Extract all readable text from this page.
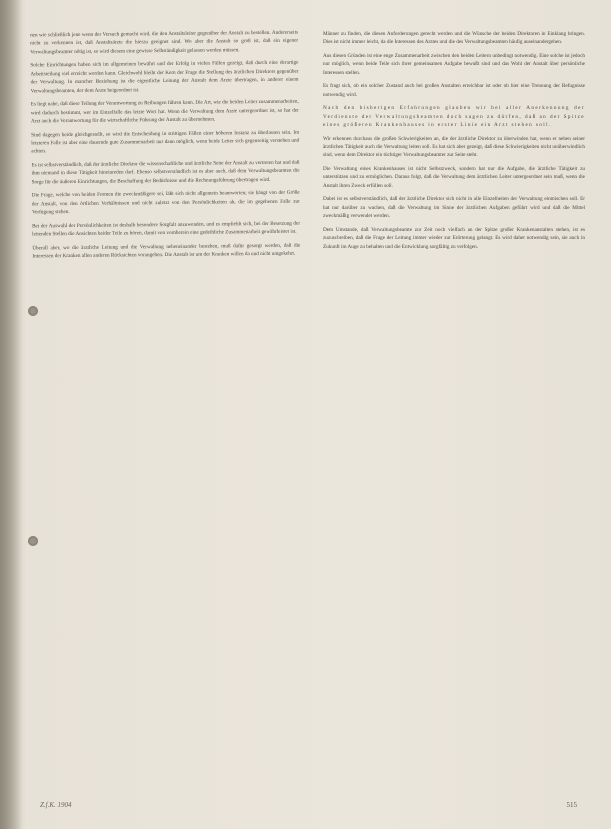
nen wie schließlich jene wenn der Versuch gemacht wird, die den Anstaltsleiter gegenüber der Anstalt zu bestellen. Andererseits nicht zu verkennen ist, daß Anstaltsärzte die hierzu geeignet sind. Wo aber die Anstalt so groß ist, daß ein eigener Verwaltungsbeamter nötig ist, so wird diesem eine gewisse Selbständigkeit gelassen werden müssen.

Solche Einrichtungen haben sich im allgemeinen bewährt und der Erfolg in vielen Fällen gezeigt, daß durch eine derartige Arbeitsteilung viel erreicht werden kann. Gleichwohl bleibt der Kern der Frage die Stellung des ärztlichen Direktors gegenüber der Verwaltung. In mancher Beziehung ist die eigentliche Leitung der Anstalt dem Arzte übertragen, in anderer einem Verwaltungsbeamten, der dem Arzte beigeordnet ist.

Es liegt nahe, daß diese Teilung der Verantwortung zu Reibungen führen kann. Die Art, wie die beiden Leiter zusammenarbeiten, wird dadurch bestimmt, wer im Einzelfalle das letzte Wort hat. Wenn die Verwaltung dem Arzte untergeordnet ist, so hat der Arzt auch die Verantwortung für die wirtschaftliche Führung der Anstalt zu übernehmen.

Sind dagegen beide gleichgestellt, so wird die Entscheidung in strittigen Fällen einer höheren Instanz zu überlassen sein. Im letzteren Falle ist aber eine dauernde gute Zusammenarbeit nur dann möglich, wenn beide Leiter sich gegenseitig verstehen und achten.

Es ist selbstverständlich, daß der ärztliche Direktor die wissenschaftliche und ärztliche Seite der Anstalt zu vertreten hat und daß ihm niemand in diese Tätigkeit hineinreden darf. Ebenso selbstverständlich ist es aber auch, daß dem Verwaltungsbeamten die Sorge für die äußeren Einrichtungen, die Beschaffung der Bedürfnisse und die Rechnungsführung übertragen wird.

Die Frage, welche von beiden Formen die zweckmäßigere sei, läßt sich nicht allgemein beantworten; sie hängt von der Größe der Anstalt, von den örtlichen Verhältnissen und nicht zuletzt von den Persönlichkeiten ab, die im gegebenen Falle zur Verfügung stehen.

Bei der Auswahl der Persönlichkeiten ist deshalb besondere Sorgfalt anzuwenden, und es empfiehlt sich, bei der Besetzung der leitenden Stellen die Ansichten beider Teile zu hören, damit von vornherein eine gedeihliche Zusammenarbeit gewährleistet ist.

Überall aber, wo die ärztliche Leitung und die Verwaltung nebeneinander bestehen, muß dafür gesorgt werden, daß die Interessen der Kranken allen anderen Rücksichten vorangehen. Die Anstalt ist um der Kranken willen da und nicht umgekehrt.

Männer zu finden, die diesen Anforderungen gerecht werden und die Wünsche der beiden Direktoren in Einklang bringen. Dies ist nicht immer leicht, da die Interessen des Arztes und die des Verwaltungsbeamten häufig auseinandergehen.

Aus diesen Gründen ist eine enge Zusammenarbeit zwischen den beiden Leitern unbedingt notwendig. Eine solche ist jedoch nur möglich, wenn beide Teile sich ihrer gemeinsamen Aufgabe bewußt sind und das Wohl der Anstalt über persönliche Interessen stellen.

Es fragt sich, ob ein solcher Zustand auch bei großen Anstalten erreichbar ist oder ob hier eine Trennung der Befugnisse notwendig wird.

Nach den bisherigen Erfahrungen glauben wir bei aller Anerkennung der Verdienste der Verwaltungsbeamten doch sagen zu dürfen, daß an der Spitze eines größeren Krankenhauses in erster Linie ein Arzt stehen soll.

Wir erkennen durchaus die großen Schwierigkeiten an, die der ärztliche Direktor zu überwinden hat, wenn er neben seiner ärztlichen Tätigkeit auch die Verwaltung leiten soll. Es hat sich aber gezeigt, daß diese Schwierigkeiten nicht unüberwindlich sind, wenn dem Direktor ein tüchtiger Verwaltungsbeamter zur Seite steht.

Die Verwaltung eines Krankenhauses ist nicht Selbstzweck, sondern hat nur die Aufgabe, die ärztliche Tätigkeit zu unterstützen und zu ermöglichen. Daraus folgt, daß die Verwaltung dem ärztlichen Leiter untergeordnet sein muß, wenn die Anstalt ihren Zweck erfüllen soll.

Dabei ist es selbstverständlich, daß der ärztliche Direktor sich nicht in alle Einzelheiten der Verwaltung einmischen soll. Er hat nur darüber zu wachen, daß die Verwaltung im Sinne der ärztlichen Aufgaben geführt wird und daß die Mittel zweckmäßig verwendet werden.

Dem Umstande, daß Verwaltungsbeamte zur Zeit noch vielfach an der Spitze großer Krankenanstalten stehen, ist es zuzuschreiben, daß die Frage der Leitung immer wieder zur Erörterung gelangt. Es wird daher notwendig sein, sie auch in Zukunft im Auge zu behalten und die Entwicklung sorgfältig zu verfolgen.

Z.f.K. 1904	515
